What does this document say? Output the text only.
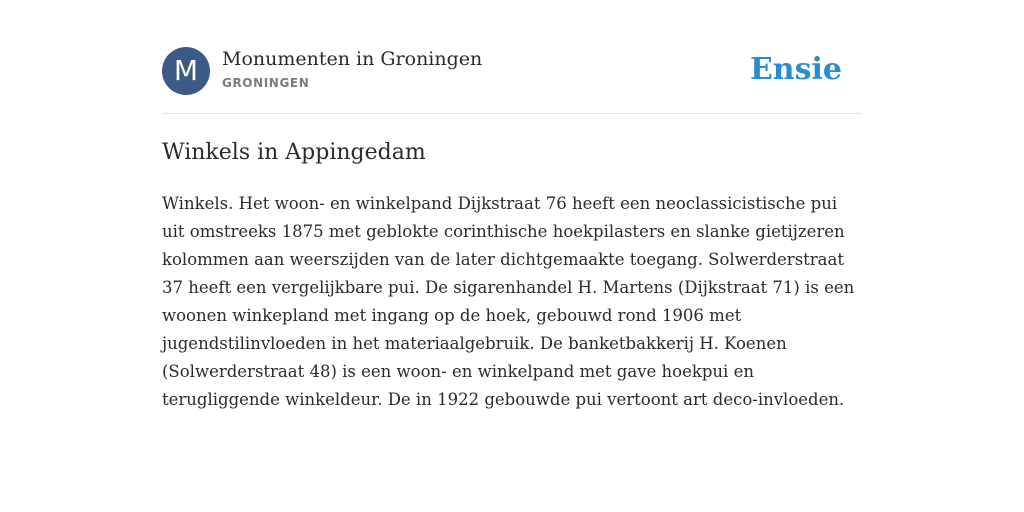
M	Monumenten in Groningen
GRONINGEN	Ensie
Winkels in Appingedam

Winkels. Het woon- en winkelpand Dijkstraat 76 heeft een neoclassicistische pui uit omstreeks 1875 met geblokte corinthische hoekpilasters en slanke gietijzeren kolommen aan weerszijden van de later dichtgemaakte toegang. Solwerderstraat 37 heeft een vergelijkbare pui. De sigarenhandel H. Martens (Dijkstraat 71) is een woonen winkepland met ingang op de hoek, gebouwd rond 1906 met jugendstilinvloeden in het materiaalgebruik. De banketbakkerij H. Koenen (Solwerderstraat 48) is een woon- en winkelpand met gave hoekpui en terugliggende winkeldeur. De in 1922 gebouwde pui vertoont art deco-invloeden.
